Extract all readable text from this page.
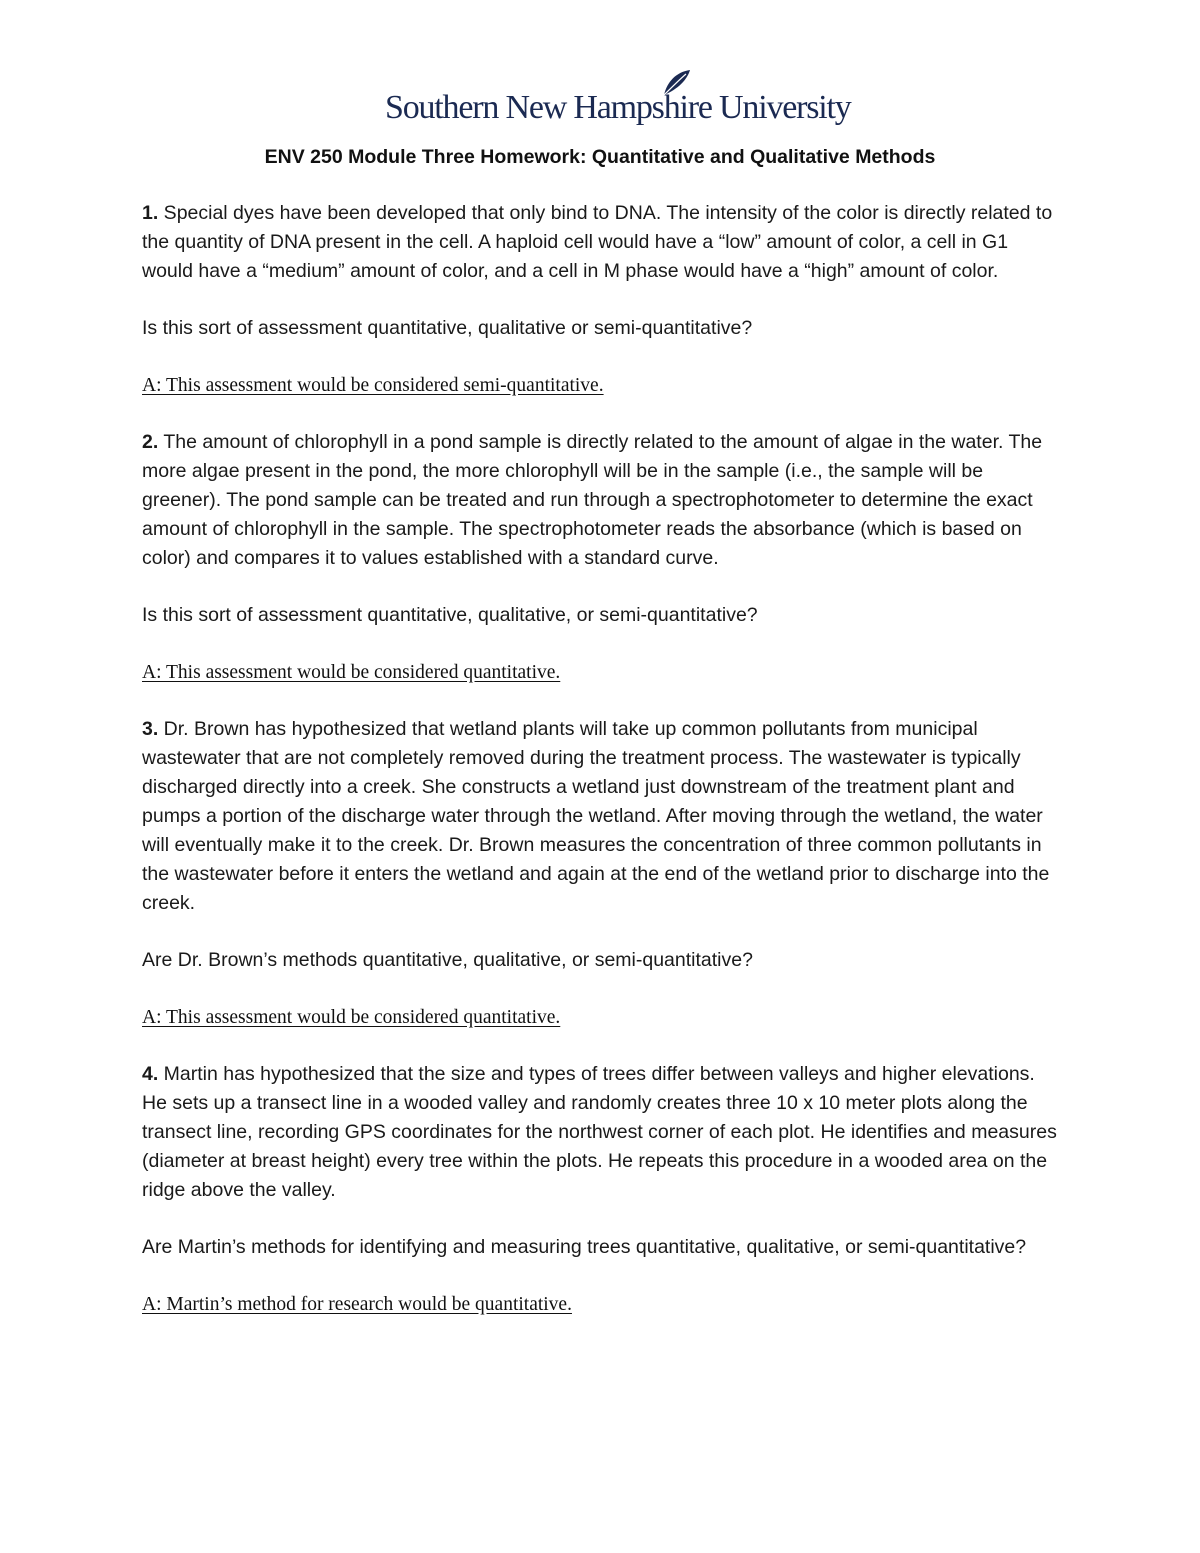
Southern New Hampshire University
ENV 250 Module Three Homework: Quantitative and Qualitative Methods

1. Special dyes have been developed that only bind to DNA. The intensity of the color is directly related to the quantity of DNA present in the cell. A haploid cell would have a “low” amount of color, a cell in G1 would have a “medium” amount of color, and a cell in M phase would have a “high” amount of color.

Is this sort of assessment quantitative, qualitative or semi-quantitative?

A: This assessment would be considered semi-quantitative.

2. The amount of chlorophyll in a pond sample is directly related to the amount of algae in the water. The more algae present in the pond, the more chlorophyll will be in the sample (i.e., the sample will be greener). The pond sample can be treated and run through a spectrophotometer to determine the exact amount of chlorophyll in the sample. The spectrophotometer reads the absorbance (which is based on color) and compares it to values established with a standard curve.

Is this sort of assessment quantitative, qualitative, or semi-quantitative?

A: This assessment would be considered quantitative.

3. Dr. Brown has hypothesized that wetland plants will take up common pollutants from municipal wastewater that are not completely removed during the treatment process. The wastewater is typically discharged directly into a creek. She constructs a wetland just downstream of the treatment plant and pumps a portion of the discharge water through the wetland. After moving through the wetland, the water will eventually make it to the creek. Dr. Brown measures the concentration of three common pollutants in the wastewater before it enters the wetland and again at the end of the wetland prior to discharge into the creek.

Are Dr. Brown’s methods quantitative, qualitative, or semi-quantitative?

A: This assessment would be considered quantitative.

4. Martin has hypothesized that the size and types of trees differ between valleys and higher elevations. He sets up a transect line in a wooded valley and randomly creates three 10 x 10 meter plots along the transect line, recording GPS coordinates for the northwest corner of each plot. He identifies and measures (diameter at breast height) every tree within the plots. He repeats this procedure in a wooded area on the ridge above the valley.

Are Martin’s methods for identifying and measuring trees quantitative, qualitative, or semi-quantitative?

A: Martin’s method for research would be quantitative.
